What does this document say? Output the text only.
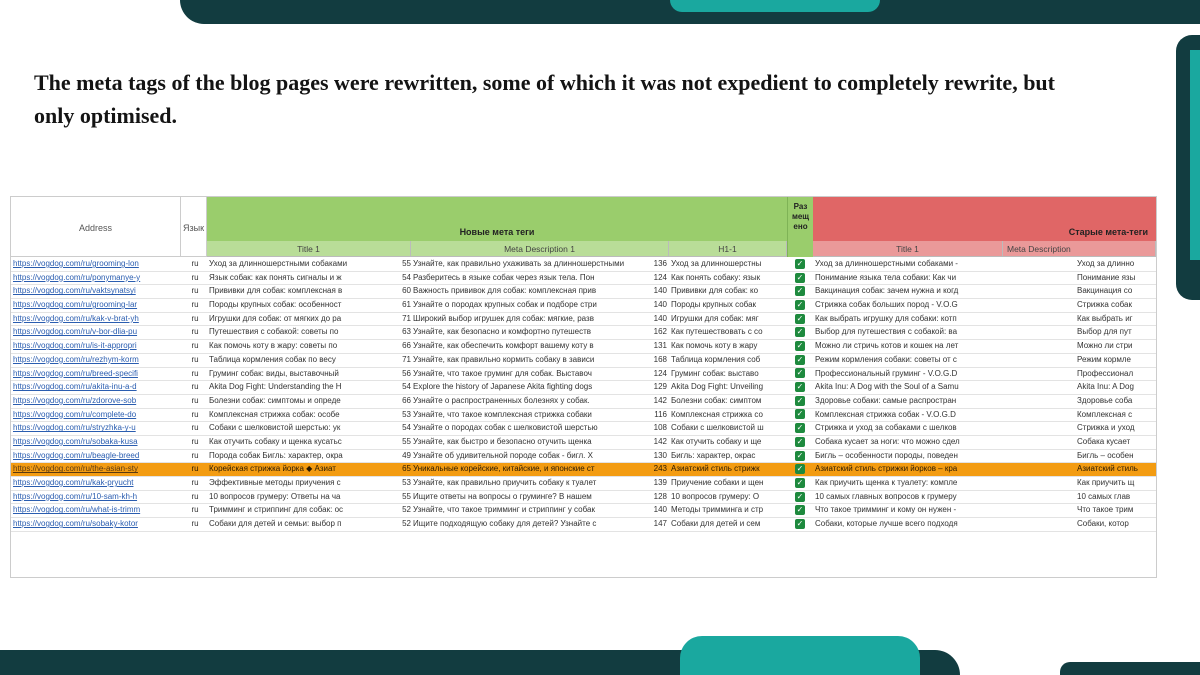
The meta tags of the blog pages were rewritten, some of which it was not expedient to completely rewrite, but only optimised.

Address	Язык	Новые мета теги
Раз мещ ено
Старые мета-теги
Title 1	Meta Description 1	H1-1	Title 1	Meta Description
https://vogdog.com/ru/grooming-lon	ru	Уход за длинношерстными собаками	55 Узнайте, как правильно ухаживать за длинношерстными	136 Уход за длинношерстны	✓	Уход за длинношерстными собаками -	Уход за длинно
https://vogdog.com/ru/ponymanye-y	ru	Язык собак: как понять сигналы и ж	54 Разберитесь в языке собак через язык тела. Пон	124 Как понять собаку: язык	✓	Понимание языка тела собаки: Как чи	Понимание язы
https://vogdog.com/ru/vaktsynatsyi	ru	Прививки для собак: комплексная в	60 Важность прививок для собак: комплексная прив	140 Прививки для собак: ко	✓	Вакцинация собак: зачем нужна и когд	Вакцинация со
https://vogdog.com/ru/grooming-lar	ru	Породы крупных собак: особенност	61 Узнайте о породах крупных собак и подборе стри	140 Породы крупных собак	✓	Стрижка собак больших пород - V.O.G	Стрижка собак
https://vogdog.com/ru/kak-v-brat-yh	ru	Игрушки для собак: от мягких до ра	71 Широкий выбор игрушек для собак: мягкие, разв	140 Игрушки для собак: мяг	✓	Как выбрать игрушку для собаки: котп	Как выбрать иг
https://vogdog.com/ru/v-bor-dlia-pu	ru	Путешествия с собакой: советы по	63 Узнайте, как безопасно и комфортно путешеств	162 Как путешествовать с со	✓	Выбор для путешествия с собакой: ва	Выбор для пут
https://vogdog.com/ru/is-it-appropri	ru	Как помочь коту в жару: советы по	66 Узнайте, как обеспечить комфорт вашему коту в	131 Как помочь коту в жару	✓	Можно ли стричь котов и кошек на лет	Можно ли стри
https://vogdog.com/ru/rezhym-korm	ru	Таблица кормления собак по весу	71 Узнайте, как правильно кормить собаку в зависи	168 Таблица кормления соб	✓	Режим кормления собаки: советы от с	Режим кормле
https://vogdog.com/ru/breed-specifi	ru	Груминг собак: виды, выставочный	56 Узнайте, что такое груминг для собак. Выставоч	124 Груминг собак: выставо	✓	Профессиональный груминг - V.O.G.D	Профессионал
https://vogdog.com/ru/akita-inu-a-d	ru	Akita Dog Fight: Understanding the H	54 Explore the history of Japanese Akita fighting dogs	129 Akita Dog Fight: Unveiling	✓	Akita Inu: A Dog with the Soul of a Samu	Akita Inu: A Dog
https://vogdog.com/ru/zdorove-sob	ru	Болезни собак: симптомы и опреде	66 Узнайте о распространенных болезнях у собак.	142 Болезни собак: симптом	✓	Здоровье собаки: самые распростран	Здоровье соба
https://vogdog.com/ru/complete-do	ru	Комплексная стрижка собак: особе	53 Узнайте, что такое комплексная стрижка собаки	116 Комплексная стрижка со	✓	Комплексная стрижка собак - V.O.G.D	Комплексная с
https://vogdog.com/ru/stryzhka-y-u	ru	Собаки с шелковистой шерстью: ук	54 Узнайте о породах собак с шелковистой шерстью	108 Собаки с шелковистой ш	✓	Стрижка и уход за собаками с шелков	Стрижка и уход
https://vogdog.com/ru/sobaka-kusa	ru	Как отучить собаку и щенка кусатьс	55 Узнайте, как быстро и безопасно отучить щенка	142 Как отучить собаку и ще	✓	Собака кусает за ноги: что можно сдел	Собака кусает
https://vogdog.com/ru/beagle-breed	ru	Порода собак Бигль: характер, окра	49 Узнайте об удивительной породе собак - бигл. Х	130 Бигль: характер, окрас	✓	Бигль – особенности породы, поведен	Бигль – особен
https://vogdog.com/ru/the-asian-sty	ru	Корейская стрижка йорка ◆ Азиат	65 Уникальные корейские, китайские, и японские ст	243 Азиатский стиль стрижк	✓	Азиатский стиль стрижки йорков – кра	Азиатский стиль
https://vogdog.com/ru/kak-pryucht	ru	Эффективные методы приучения с	53 Узнайте, как правильно приучить собаку к туалет	139 Приучение собаки и щен	✓	Как приучить щенка к туалету: компле	Как приучить щ
https://vogdog.com/ru/10-sam-kh-h	ru	10 вопросов грумеру: Ответы на ча	55 Ищите ответы на вопросы о груминге? В нашем	128 10 вопросов грумеру: О	✓	10 самых главных вопросов к грумеру	10 самых глав
https://vogdog.com/ru/what-is-trimm	ru	Тримминг и стриппинг для собак: ос	52 Узнайте, что такое тримминг и стриппинг у собак	140 Методы тримминга и стр	✓	Что такое тримминг и кому он нужен -	Что такое трим
https://vogdog.com/ru/sobaky-kotor	ru	Собаки для детей и семьи: выбор п	52 Ищите подходящую собаку для детей? Узнайте с	147 Собаки для детей и сем	✓	Собаки, которые лучше всего подходя	Собаки, котор
